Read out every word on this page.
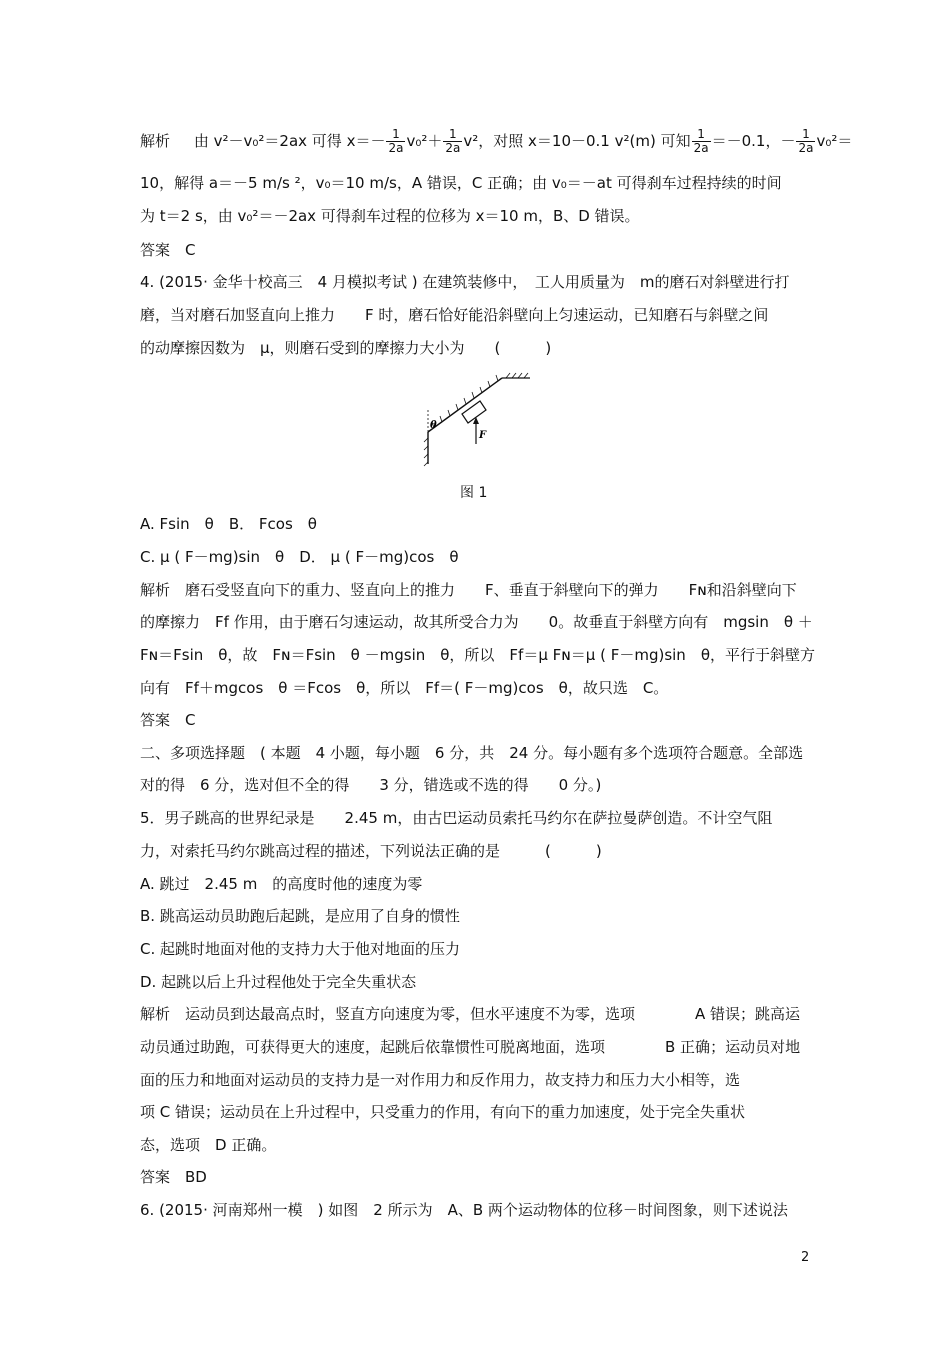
解析 由 v²－v₀²＝2ax 可得 $x=- \frac{1}{2a} v_0^2+ \frac{1}{2a} v^2$，对照 x＝10－0.1 v²(m) 可知 $\frac{1}{2a} =-0.1$，－ $\frac{1}{2a} v_0^2=$
10，解得 a＝－5 m/s ²，v₀＝10 m/s，A 错误，C 正确；由 v₀＝－at 可得刹车过程持续的时间
为 t＝2 s，由 v₀²＝－2ax 可得刹车过程的位移为 x＝10 m，B、D 错误。
答案　C
4. (2015· 金华十校高三　4 月模拟考试 ) 在建筑装修中，　工人用质量为　m的磨石对斜壁进行打
磨，当对磨石加竖直向上推力　　F 时，磨石恰好能沿斜壁向上匀速运动，已知磨石与斜壁之间
的动摩擦因数为　μ，则磨石受到的摩擦力大小为　　(　　　)
F
θ
图 1
A. Fsin　θ　B． Fcos　θ
C. μ ( F－mg)sin　θ　D． μ ( F－mg)cos　θ
解析　磨石受竖直向下的重力、竖直向上的推力　　F、垂直于斜壁向下的弹力　　Fɴ和沿斜壁向下
的摩擦力　Ff 作用，由于磨石匀速运动，故其所受合力为　　0。故垂直于斜壁方向有　mgsin　θ ＋
Fɴ＝Fsin　θ，故　Fɴ＝Fsin　θ －mgsin　θ，所以　Ff＝μ Fɴ＝μ ( F－mg)sin　θ，平行于斜壁方
向有　Ff＋mgcos　θ ＝Fcos　θ，所以　Ff＝( F－mg)cos　θ，故只选　C。
答案　C
二、多项选择题　( 本题　4 小题，每小题　6 分，共　24 分。每小题有多个选项符合题意。全部选
对的得　6 分，选对但不全的得　　3 分，错选或不选的得　　0 分。)
5．男子跳高的世界纪录是　　2.45 m，由古巴运动员索托马约尔在萨拉曼萨创造。不计空气阻
力，对索托马约尔跳高过程的描述，下列说法正确的是　　　(　　　)
A. 跳过　2.45 m　的高度时他的速度为零
B. 跳高运动员助跑后起跳，是应用了自身的惯性
C. 起跳时地面对他的支持力大于他对地面的压力
D. 起跳以后上升过程他处于完全失重状态
解析　运动员到达最高点时，竖直方向速度为零，但水平速度不为零，选项　　　　A 错误；跳高运
动员通过助跑，可获得更大的速度，起跳后依靠惯性可脱离地面，选项　　　　B 正确；运动员对地
面的压力和地面对运动员的支持力是一对作用力和反作用力，故支持力和压力大小相等，选
项 C 错误；运动员在上升过程中，只受重力的作用，有向下的重力加速度，处于完全失重状
态，选项　D 正确。
答案　BD
6. (2015· 河南郑州一模　) 如图　2 所示为　A、B 两个运动物体的位移－时间图象，则下述说法
2
